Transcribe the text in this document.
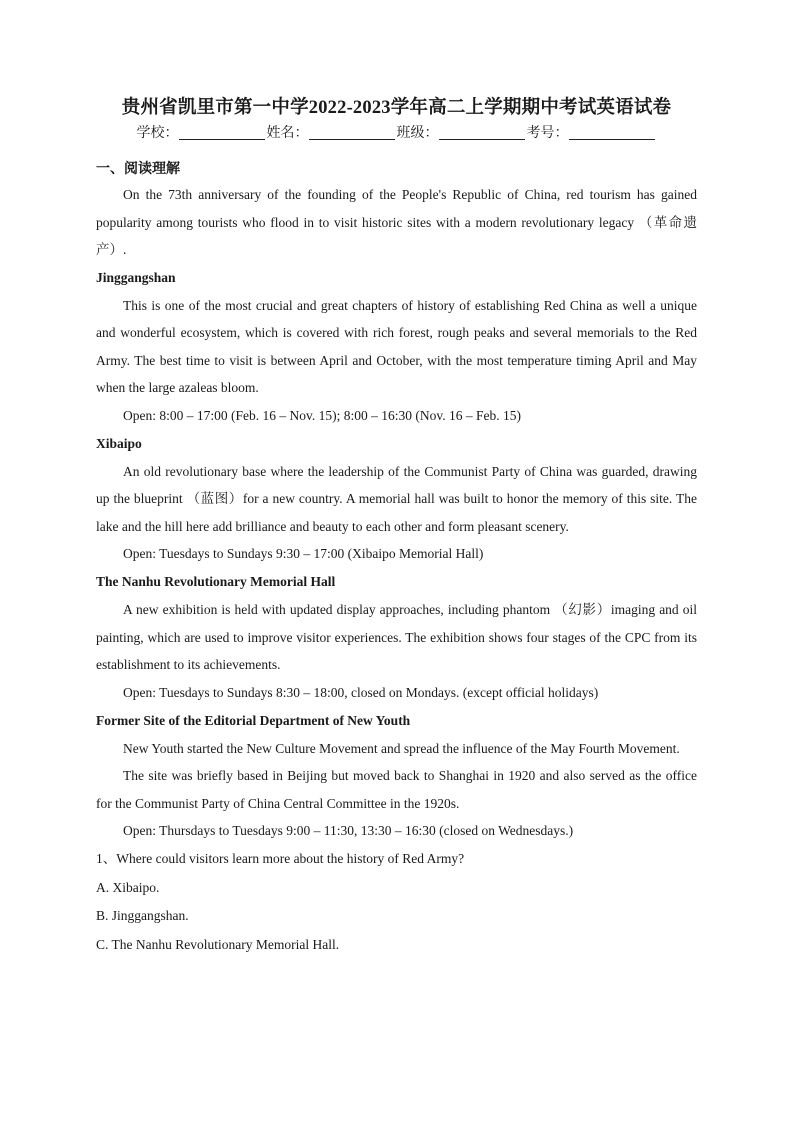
贵州省凯里市第一中学2022-2023学年高二上学期期中考试英语试卷
学校：	姓名：	班级：	考号：
一、阅读理解
On the 73th anniversary of the founding of the People's Republic of China, red tourism has gained popularity among tourists who flood in to visit historic sites with a modern revolutionary legacy （革命遗产）.
Jinggangshan
This is one of the most crucial and great chapters of history of establishing Red China as well a unique and wonderful ecosystem, which is covered with rich forest, rough peaks and several memorials to the Red Army. The best time to visit is between April and October, with the most temperature timing April and May when the large azaleas bloom.
Open: 8:00 – 17:00 (Feb. 16 – Nov. 15); 8:00 – 16:30 (Nov. 16 – Feb. 15)
Xibaipo
An old revolutionary base where the leadership of the Communist Party of China was guarded, drawing up the blueprint （蓝图）for a new country. A memorial hall was built to honor the memory of this site. The lake and the hill here add brilliance and beauty to each other and form pleasant scenery.
Open: Tuesdays to Sundays 9:30 – 17:00 (Xibaipo Memorial Hall)
The Nanhu Revolutionary Memorial Hall
A new exhibition is held with updated display approaches, including phantom （幻影）imaging and oil painting, which are used to improve visitor experiences. The exhibition shows four stages of the CPC from its establishment to its achievements.
Open: Tuesdays to Sundays 8:30 – 18:00, closed on Mondays. (except official holidays)
Former Site of the Editorial Department of New Youth
New Youth started the New Culture Movement and spread the influence of the May Fourth Movement.
The site was briefly based in Beijing but moved back to Shanghai in 1920 and also served as the office for the Communist Party of China Central Committee in the 1920s.
Open: Thursdays to Tuesdays 9:00 – 11:30, 13:30 – 16:30 (closed on Wednesdays.)
1、Where could visitors learn more about the history of Red Army?
A. Xibaipo.
B. Jinggangshan.
C. The Nanhu Revolutionary Memorial Hall.
